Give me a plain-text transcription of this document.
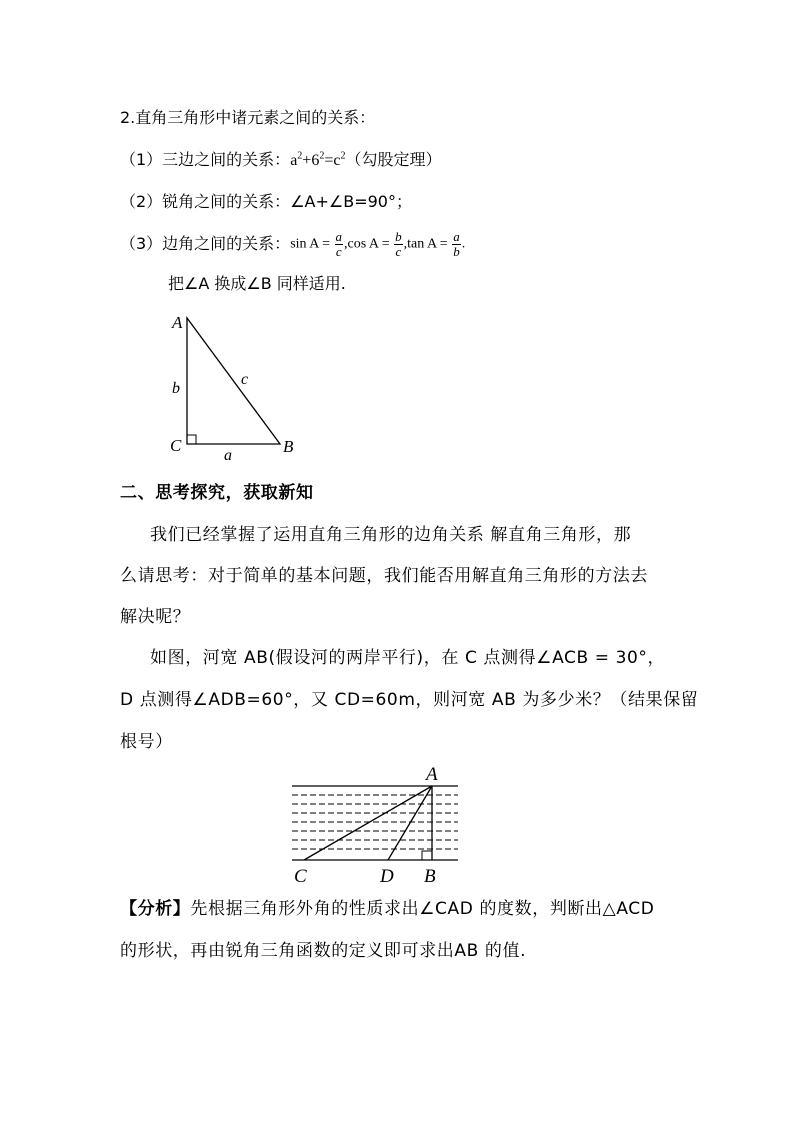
2.直角三角形中诸元素之间的关系：
（1）三边之间的关系：$a^2+6^2=c^2$（勾股定理）
（2）锐角之间的关系：∠A+∠B=90°；
（3）边角之间的关系： $\sin A = \frac{a}{c} ,\cos$ $A = \frac{b}{c} ,\tan$ $A = \frac{a}{b}$ .
把∠A 换成∠B 同样适用.
A
C	B
b
c
a
二、思考探究，获取新知
我们已经掌握了运用直角三角形的边角关系 解直角三角形，那
么请思考：对于简单的基本问题，我们能否用解直角三角形的方法去
解决呢？
如图，河宽 AB(假设河的两岸平行)，在 C 点测得∠ACB = 30°，
D 点测得∠ADB=60°，又 CD=60m，则河宽 AB 为多少米？（结果保留
根号）
A
C	D B
【分析】先根据三角形外角的性质求出∠CAD 的度数，判断出△ACD
的形状，再由锐角三角函数的定义即可求出AB 的值.
